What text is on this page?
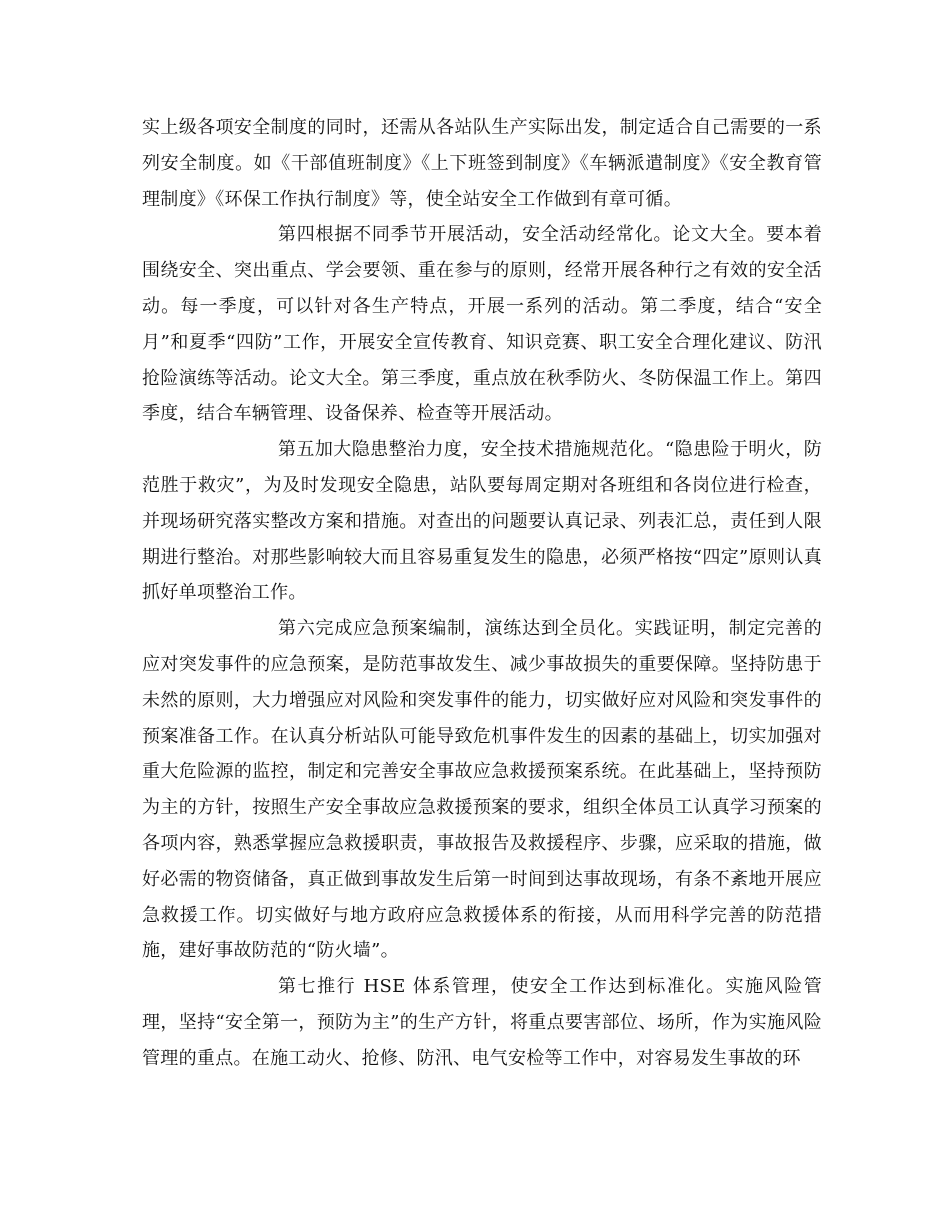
实上级各项安全制度的同时，还需从各站队生产实际出发，制定适合自己需要的一系列安全制度。如《干部值班制度》《上下班签到制度》《车辆派遣制度》《安全教育管理制度》《环保工作执行制度》等，使全站安全工作做到有章可循。

第四根据不同季节开展活动，安全活动经常化。论文大全。要本着围绕安全、突出重点、学会要领、重在参与的原则，经常开展各种行之有效的安全活动。每一季度，可以针对各生产特点，开展一系列的活动。第二季度，结合“安全月”和夏季“四防”工作，开展安全宣传教育、知识竞赛、职工安全合理化建议、防汛抢险演练等活动。论文大全。第三季度，重点放在秋季防火、冬防保温工作上。第四季度，结合车辆管理、设备保养、检查等开展活动。

第五加大隐患整治力度，安全技术措施规范化。“隐患险于明火，防范胜于救灾”，为及时发现安全隐患，站队要每周定期对各班组和各岗位进行检查，并现场研究落实整改方案和措施。对查出的问题要认真记录、列表汇总，责任到人限期进行整治。对那些影响较大而且容易重复发生的隐患，必须严格按“四定”原则认真抓好单项整治工作。

第六完成应急预案编制，演练达到全员化。实践证明，制定完善的应对突发事件的应急预案，是防范事故发生、减少事故损失的重要保障。坚持防患于未然的原则，大力增强应对风险和突发事件的能力，切实做好应对风险和突发事件的预案准备工作。在认真分析站队可能导致危机事件发生的因素的基础上，切实加强对重大危险源的监控，制定和完善安全事故应急救援预案系统。在此基础上，坚持预防为主的方针，按照生产安全事故应急救援预案的要求，组织全体员工认真学习预案的各项内容，熟悉掌握应急救援职责，事故报告及救援程序、步骤，应采取的措施，做好必需的物资储备，真正做到事故发生后第一时间到达事故现场，有条不紊地开展应急救援工作。切实做好与地方政府应急救援体系的衔接，从而用科学完善的防范措施，建好事故防范的“防火墙”。

第七推行 HSE 体系管理，使安全工作达到标准化。实施风险管理，坚持“安全第一，预防为主”的生产方针，将重点要害部位、场所，作为实施风险管理的重点。在施工动火、抢修、防汛、电气安检等工作中，对容易发生事故的环
